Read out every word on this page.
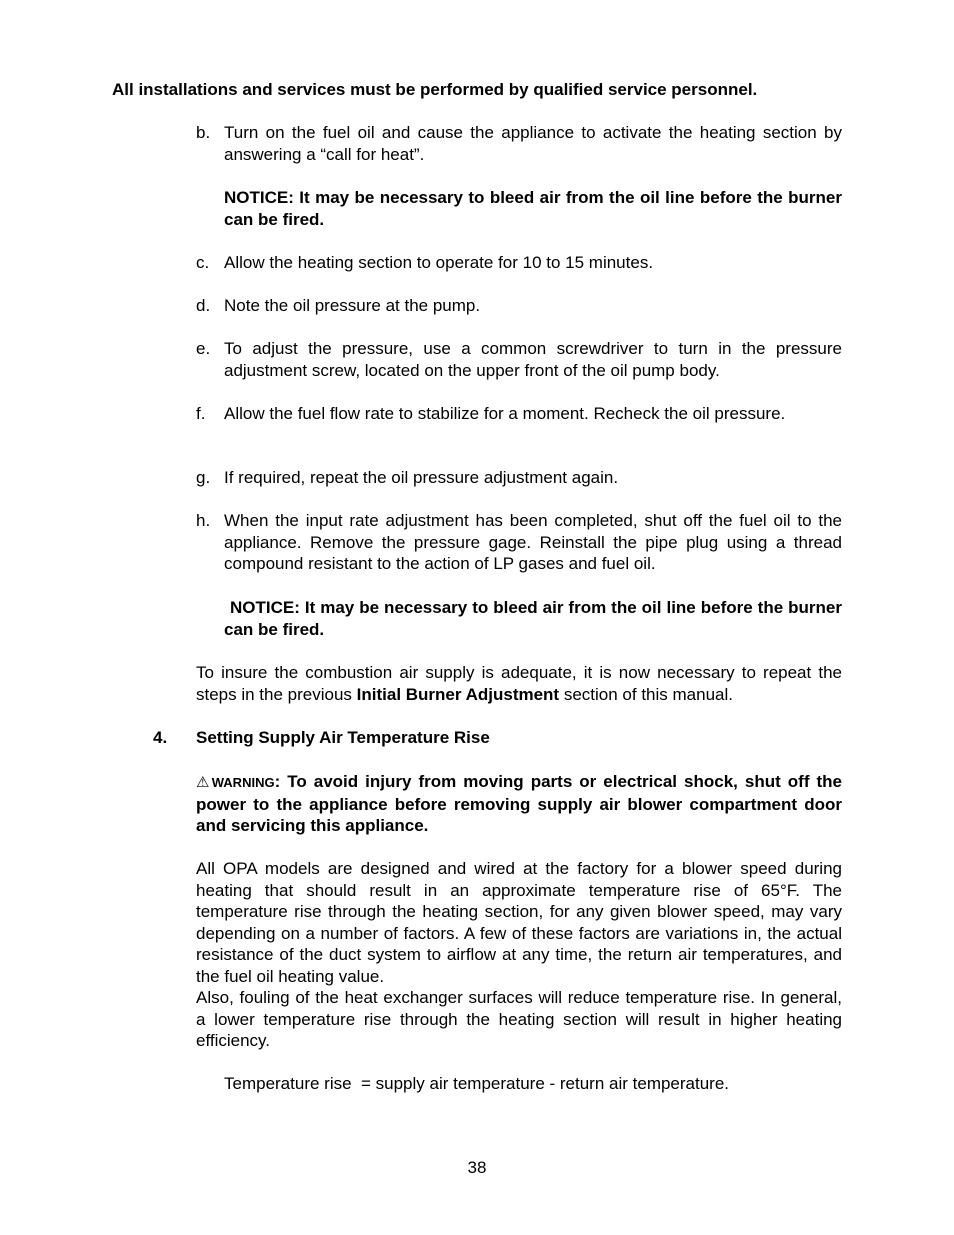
All installations and services must be performed by qualified service personnel.
b. Turn on the fuel oil and cause the appliance to activate the heating section by answering a “call for heat”.
NOTICE: It may be necessary to bleed air from the oil line before the burner can be fired.
c. Allow the heating section to operate for 10 to 15 minutes.
d. Note the oil pressure at the pump.
e. To adjust the pressure, use a common screwdriver to turn in the pressure adjustment screw, located on the upper front of the oil pump body.
f.	Allow the fuel flow rate to stabilize for a moment. Recheck the oil pressure.
g. If required, repeat the oil pressure adjustment again.
h. When the input rate adjustment has been completed, shut off the fuel oil to the appliance. Remove the pressure gage. Reinstall the pipe plug using a thread compound resistant to the action of LP gases and fuel oil.
NOTICE: It may be necessary to bleed air from the oil line before the burner can be fired.
To insure the combustion air supply is adequate, it is now necessary to repeat the steps in the previous Initial Burner Adjustment section of this manual.
4. Setting Supply Air Temperature Rise
⚠WARNING: To avoid injury from moving parts or electrical shock, shut off the power to the appliance before removing supply air blower compartment door and servicing this appliance.
All OPA models are designed and wired at the factory for a blower speed during heating that should result in an approximate temperature rise of 65°F. The temperature rise through the heating section, for any given blower speed, may vary depending on a number of factors. A few of these factors are variations in, the actual resistance of the duct system to airflow at any time, the return air temperatures, and the fuel oil heating value.
Also, fouling of the heat exchanger surfaces will reduce temperature rise. In general, a lower temperature rise through the heating section will result in higher heating efficiency.
Temperature rise  = supply air temperature - return air temperature.
38
